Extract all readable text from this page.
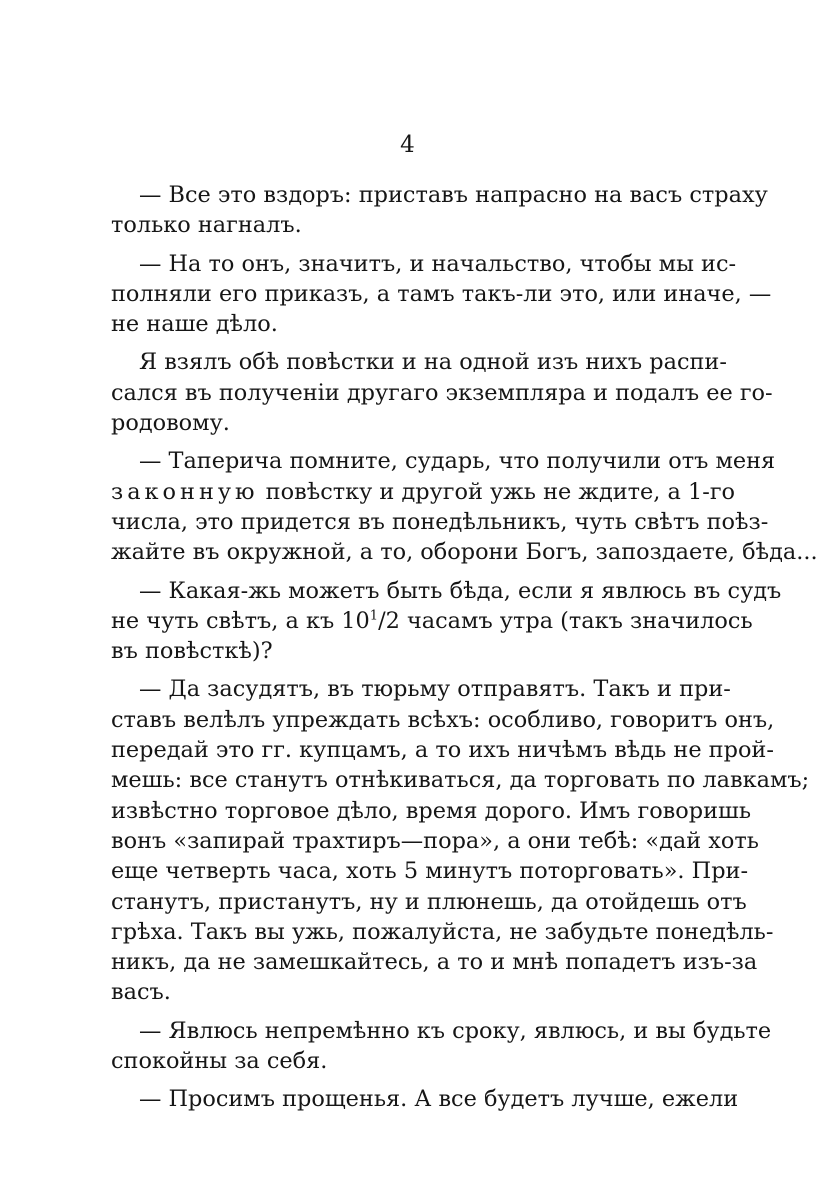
4
— Все это вздоръ: приставъ напрасно на васъ страху
только нагналъ.
— На то онъ, значитъ, и начальство, чтобы мы ис-
полняли его приказъ, а тамъ такъ-ли это, или иначе, —
не наше дѣло.
Я взялъ обѣ повѣстки и на одной изъ нихъ распи-
сался въ полученіи другаго экземпляра и подалъ ее го-
родовому.
— Таперича помните, сударь, что получили отъ меня
законную повѣстку и другой ужь не ждите, а 1-го
числа, это придется въ понедѣльникъ, чуть свѣтъ поѣз-
жайте въ окружной, а то, оборони Богъ, запоздаете, бѣда...
— Какая-жь можетъ быть бѣда, если я явлюсь въ судъ
не чуть свѣтъ, а къ $10^1/2$ часамъ утра (такъ значилось
въ повѣсткѣ)?
— Да засудятъ, въ тюрьму отправятъ. Такъ и при-
ставъ велѣлъ упреждать всѣхъ: особливо, говоритъ онъ,
передай это гг. купцамъ, а то ихъ ничѣмъ вѣдь не прой-
мешь: все станутъ отнѣкиваться, да торговать по лавкамъ;
извѣстно торговое дѣло, время дорого. Имъ говоришь
вонъ «запирай трахтиръ—пора», а они тебѣ: «дай хоть
еще четверть часа, хоть 5 минутъ поторговать». При-
станутъ, пристанутъ, ну и плюнешь, да отойдешь отъ
грѣха. Такъ вы ужь, пожалуйста, не забудьте понедѣль-
никъ, да не замешкайтесь, а то и мнѣ попадетъ изъ-за
васъ.
— Явлюсь непремѣнно къ сроку, явлюсь, и вы будьте
спокойны за себя.
— Просимъ прощенья. А все будетъ лучше, ежели
